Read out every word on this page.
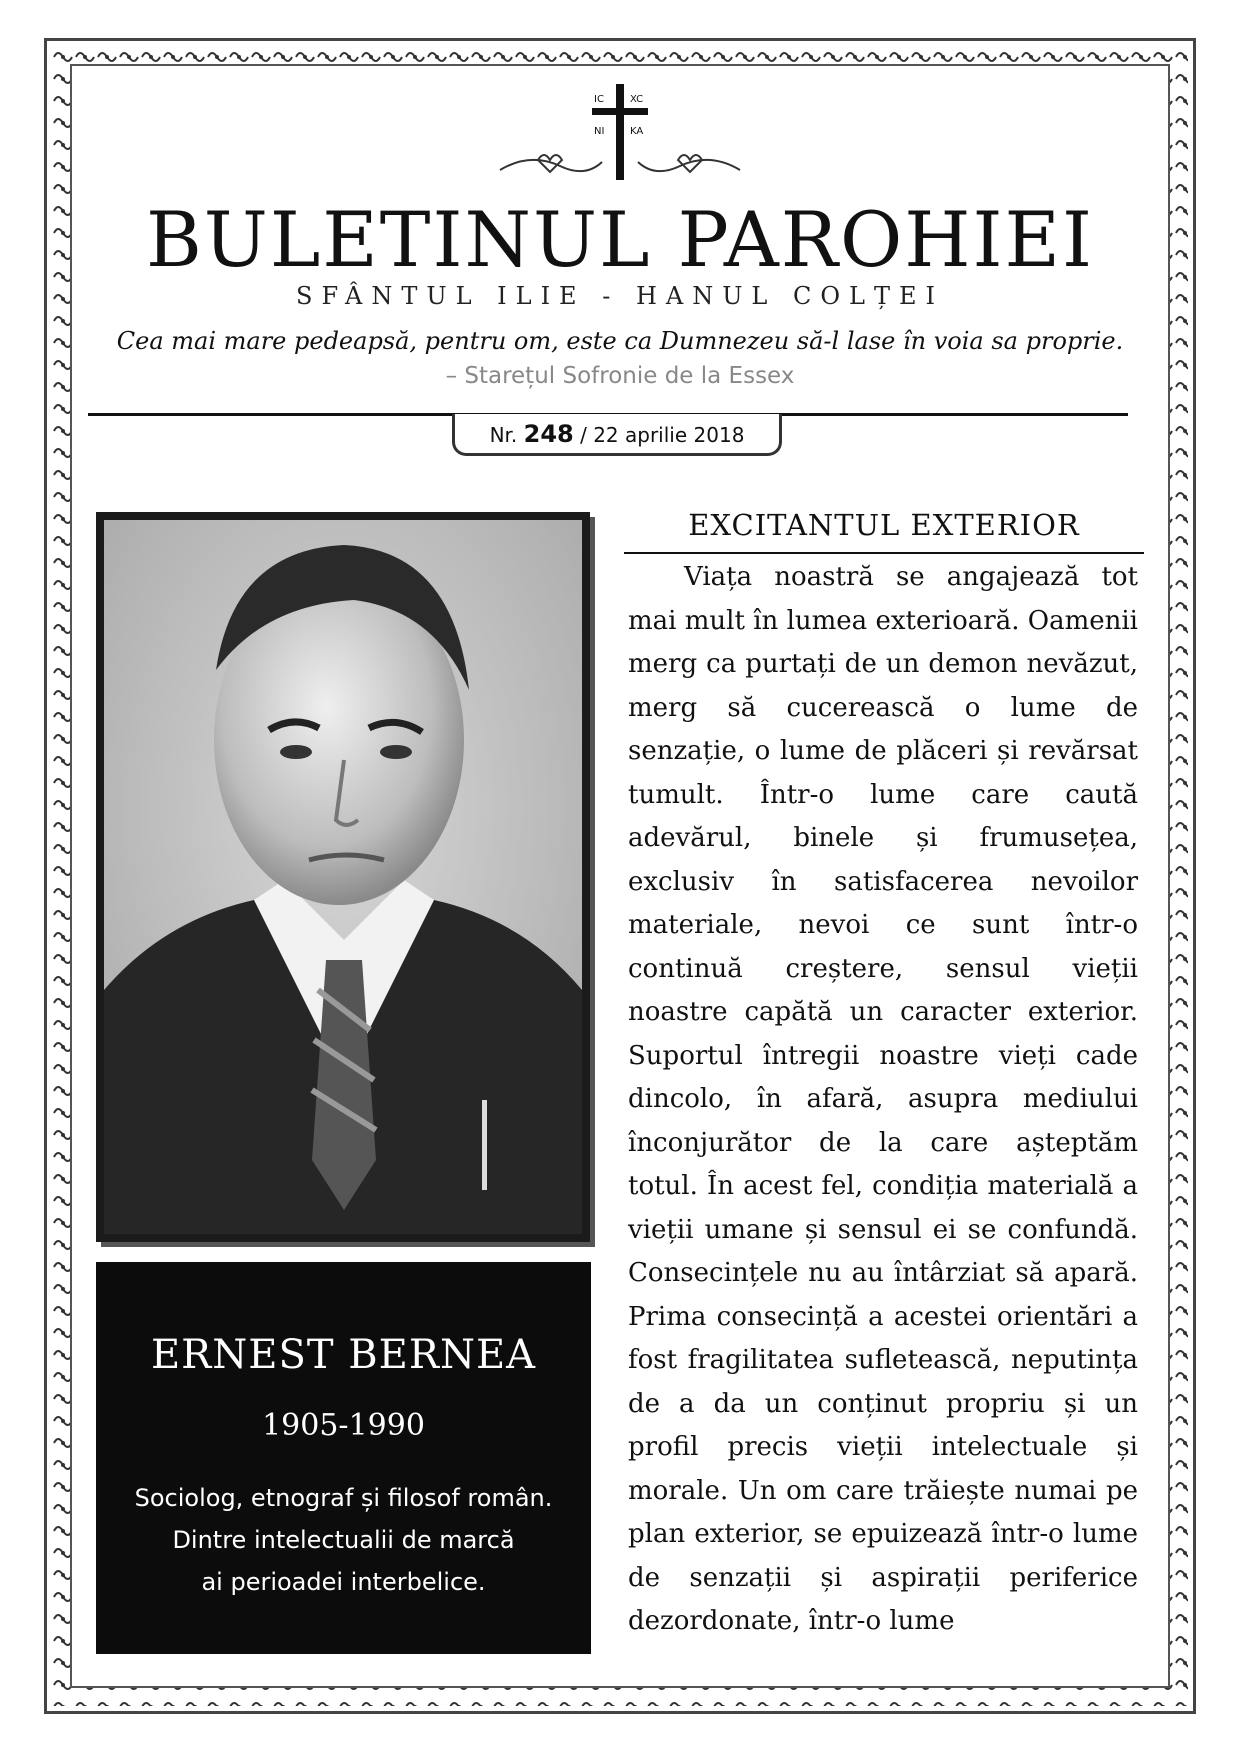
IC	XC
NI	KA
BULETINUL PAROHIEI
SFÂNTUL ILIE - HANUL COLȚEI
Cea mai mare pedeapsă, pentru om, este ca Dumnezeu să-l lase în voia sa proprie.
– Starețul Sofronie de la Essex
Nr. 248 / 22 aprilie 2018
ERNEST BERNEA
1905-1990
Sociolog, etnograf și filosof român.
Dintre intelectualii de marcă
ai perioadei interbelice.
EXCITANTUL EXTERIOR
Viața noastră se angajează tot mai mult în lumea exterioară. Oamenii merg ca purtați de un demon nevăzut, merg să cucerească o lume de senzație, o lume de plăceri și revărsat tumult. Într-o lume care caută adevărul, binele și frumusețea, exclusiv în satisfacerea nevoilor materiale, nevoi ce sunt într-o continuă creștere, sensul vieții noastre capătă un caracter exterior. Suportul întregii noastre vieți cade dincolo, în afară, asupra mediului înconjurător de la care așteptăm totul. În acest fel, condiția materială a vieții umane și sensul ei se confundă. Consecințele nu au întârziat să apară. Prima consecință a acestei orientări a fost fragilitatea sufletească, neputința de a da un conținut propriu și un profil precis vieții intelectuale și morale. Un om care trăiește numai pe plan exterior, se epuizează într-o lume de senzații și aspirații periferice dezordonate, într-o lume
